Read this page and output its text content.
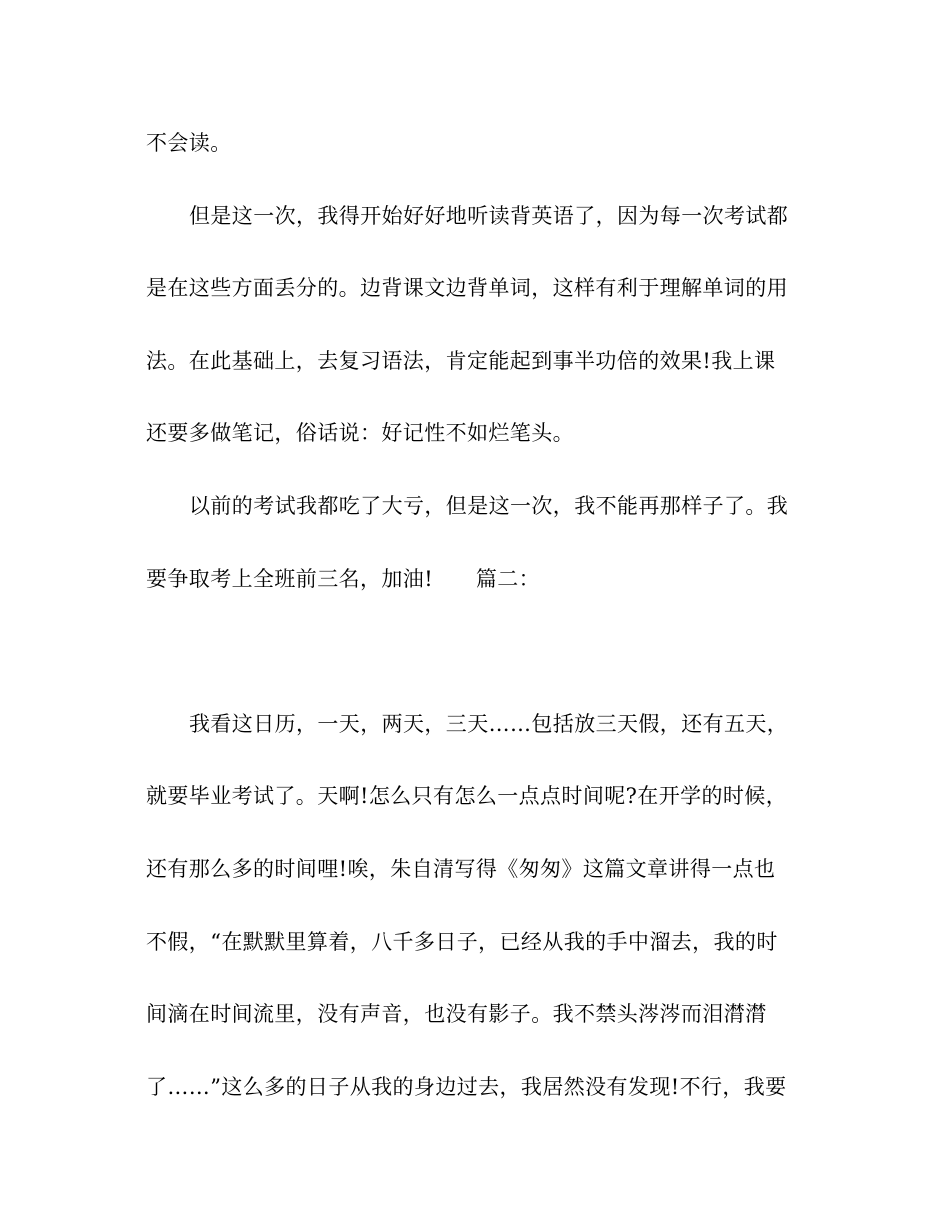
不会读。
但是这一次，我得开始好好地听读背英语了，因为每一次考试都
是在这些方面丢分的。边背课文边背单词，这样有利于理解单词的用
法。在此基础上，去复习语法，肯定能起到事半功倍的效果!我上课
还要多做笔记，俗话说：好记性不如烂笔头。
以前的考试我都吃了大亏，但是这一次，我不能再那样子了。我
要争取考上全班前三名，加油!　　篇二：
我看这日历，一天，两天，三天……包括放三天假，还有五天，
就要毕业考试了。天啊!怎么只有怎么一点点时间呢?在开学的时候，
还有那么多的时间哩!唉，朱自清写得《匆匆》这篇文章讲得一点也
不假，“在默默里算着，八千多日子，已经从我的手中溜去，我的时
间滴在时间流里，没有声音，也没有影子。我不禁头涔涔而泪潸潸
了……”这么多的日子从我的身边过去，我居然没有发现!不行，我要
